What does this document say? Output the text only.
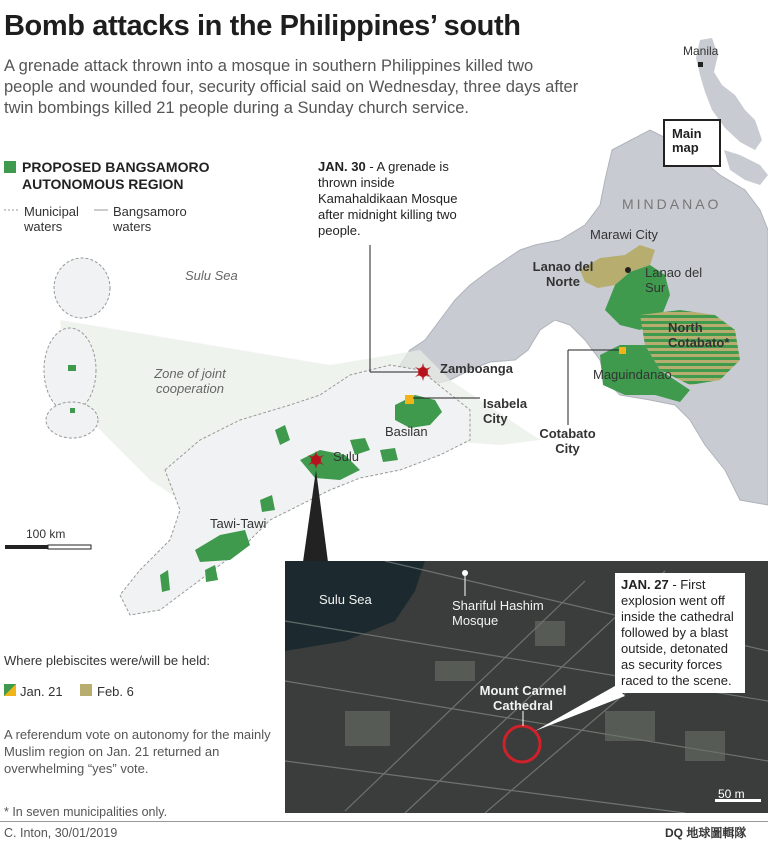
Bomb attacks in the Philippines’ south

A grenade attack thrown into a mosque in southern Philippines killed two people and wounded four, security official said on Wednesday, three days after twin bombings killed 21 people during a Sunday church service.

PROPOSED BANGSAMORO AUTONOMOUS REGION
Municipal waters
Bangsamoro waters
JAN. 30 - A grenade is thrown inside Kamahaldikaan Mosque after midnight killing two people.
Main map
Manila
Sulu Sea
Zone of joint cooperation
MINDANAO
Marawi City
Lanao del Norte
Lanao del Sur
North Cotabato*
Maguindanao
Zamboanga
Isabela City
Basilan
Sulu
Tawi-Tawi
Cotabato City
100 km
Sulu Sea	Shariful Hashim Mosque
Mount Carmel Cathedral
JAN. 27 - First explosion went off inside the cathedral followed by a blast outside, detonated as security forces raced to the scene.
50 m
Where plebiscites were/will be held:
Jan. 21	Feb. 6
A referendum vote on autonomy for the mainly Muslim region on Jan. 21 returned an overwhelming “yes” vote.
* In seven municipalities only.
C. Inton, 30/01/2019	DQ 地球圖輯隊
